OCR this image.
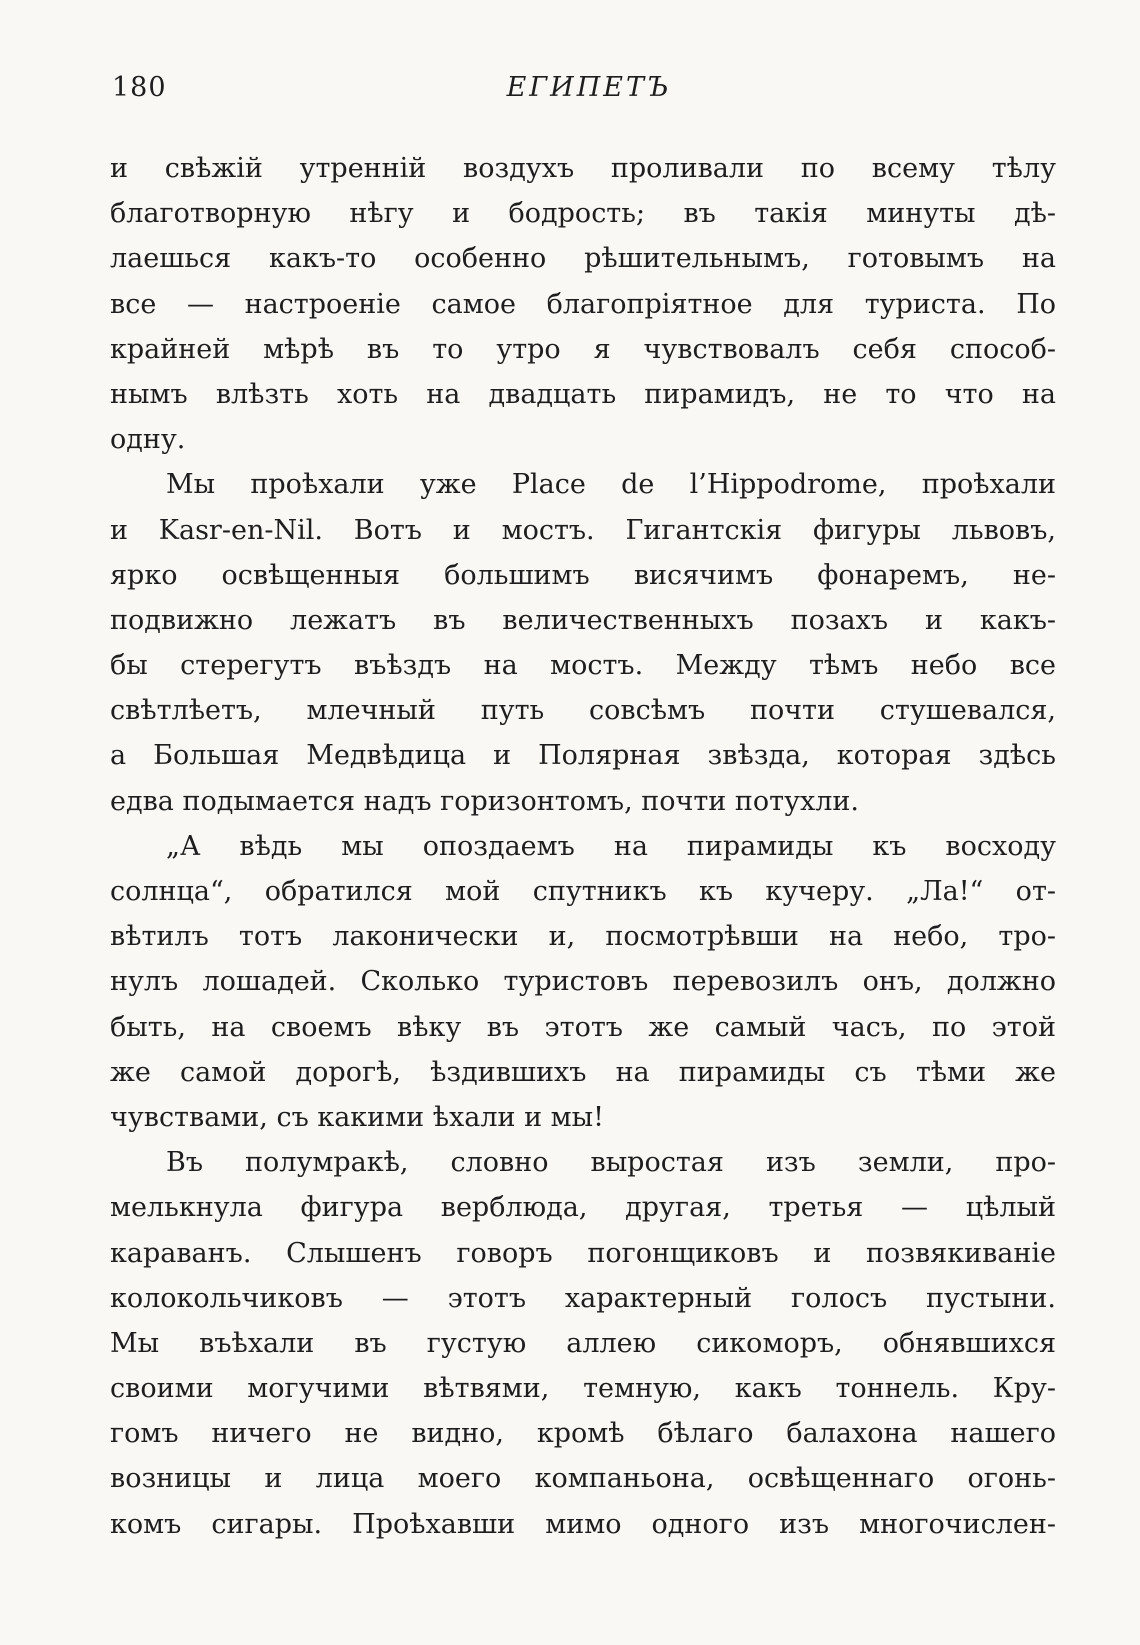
180	ЕГИПЕТЪ
и свѣжій утренній воздухъ проливали по всему тѣлу
благотворную нѣгу и бодрость; въ такія минуты дѣ-
лаешься какъ-то особенно рѣшительнымъ, готовымъ на
все — настроеніе самое благопріятное для туриста. По
крайней мѣрѣ въ то утро я чувствовалъ себя способ-
нымъ влѣзть хоть на двадцать пирамидъ, не то что на
одну.
Мы проѣхали уже Place de l’Hippodrome, проѣхали
и Kasr-en-Nil. Вотъ и мостъ. Гигантскія фигуры львовъ,
ярко освѣщенныя большимъ висячимъ фонаремъ, не-
подвижно лежатъ въ величественныхъ позахъ и какъ-
бы стерегутъ въѣздъ на мостъ. Между тѣмъ небо все
свѣтлѣетъ, млечный путь совсѣмъ почти стушевался,
а Большая Медвѣдица и Полярная звѣзда, которая здѣсь
едва подымается надъ горизонтомъ, почти потухли.
„А вѣдь мы опоздаемъ на пирамиды къ восходу
солнца“, обратился мой спутникъ къ кучеру. „Ла!“ от-
вѣтилъ тотъ лаконически и, посмотрѣвши на небо, тро-
нулъ лошадей. Сколько туристовъ перевозилъ онъ, должно
быть, на своемъ вѣку въ этотъ же самый часъ, по этой
же самой дорогѣ, ѣздившихъ на пирамиды съ тѣми же
чувствами, съ какими ѣхали и мы!
Въ полумракѣ, словно выростая изъ земли, про-
мелькнула фигура верблюда, другая, третья — цѣлый
караванъ. Слышенъ говоръ погонщиковъ и позвякиваніе
колокольчиковъ — этотъ характерный голосъ пустыни.
Мы въѣхали въ густую аллею сикоморъ, обнявшихся
своими могучими вѣтвями, темную, какъ тоннель. Кру-
гомъ ничего не видно, кромѣ бѣлаго балахона нашего
возницы и лица моего компаньона, освѣщеннаго огонь-
комъ сигары. Проѣхавши мимо одного изъ многочислен-
